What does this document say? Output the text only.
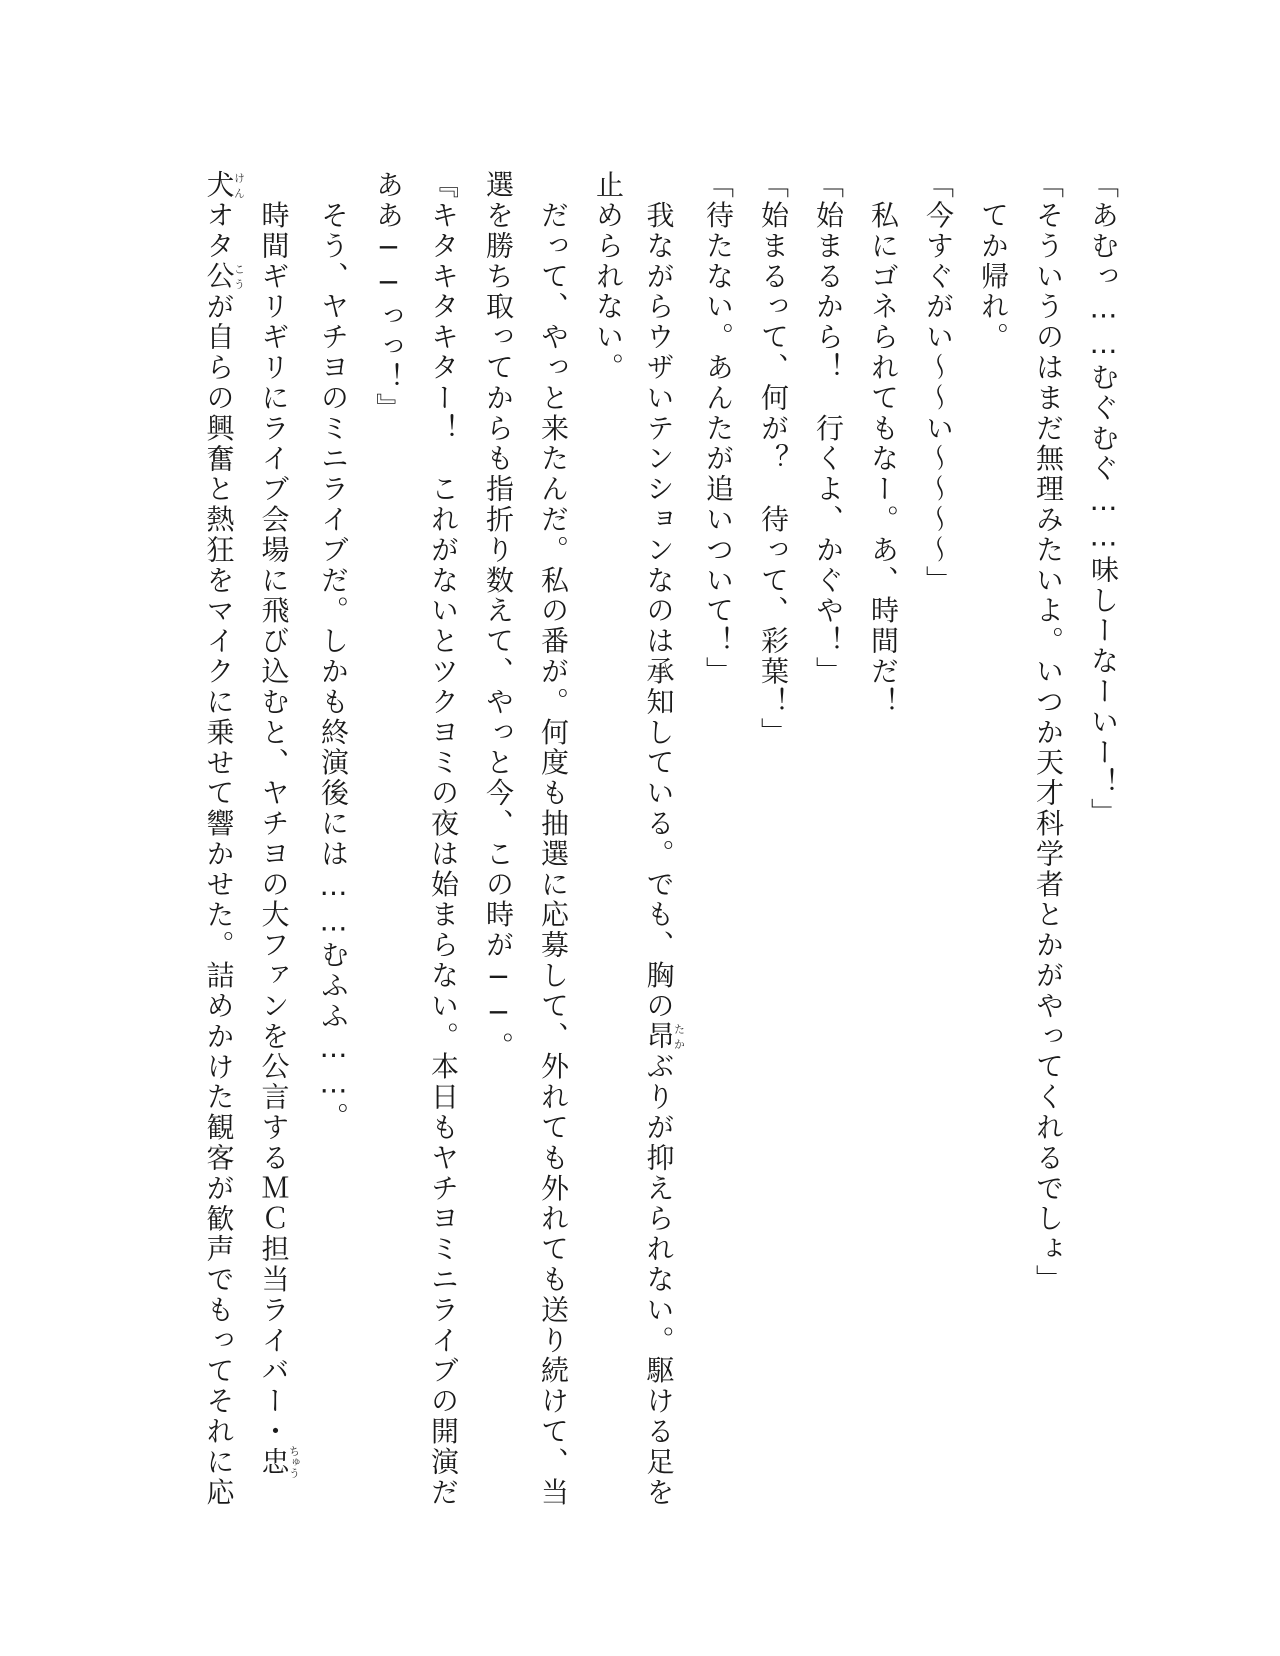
「あむっ……むぐむぐ……味しーなーいー！」
「そういうのはまだ無理みたいよ。いつか天才科学者とかがやってくれるでしょ」
　てか帰れ。
「今すぐがい〜〜い〜〜〜〜」
　私にゴネられてもなー。あ、時間だ！
「始まるから！　行くよ、かぐや！」
「始まるって、何が？　待って、彩葉！」
「待たない。あんたが追いついて！」
　我ながらウザいテンションなのは承知している。でも、胸の昂たかぶりが抑えられない。駆ける足を
止められない。
　だって、やっと来たんだ。私の番が。何度も抽選に応募して、外れても外れても送り続けて、当
選を勝ち取ってからも指折り数えて、やっと今、この時が──。
『キタキタキター！　これがないとツクヨミの夜は始まらない。本日もヤチヨミニライブの開演だ
ああ──っっ！』
　そう、ヤチヨのミニライブだ。しかも終演後には……むふふ……。
　時間ギリギリにライブ会場に飛び込むと、ヤチヨの大ファンを公言するＭＣ担当ライバー・忠ちゅう
犬けんオタ公こうが自らの興奮と熱狂をマイクに乗せて響かせた。詰めかけた観客が歓声でもってそれに応
